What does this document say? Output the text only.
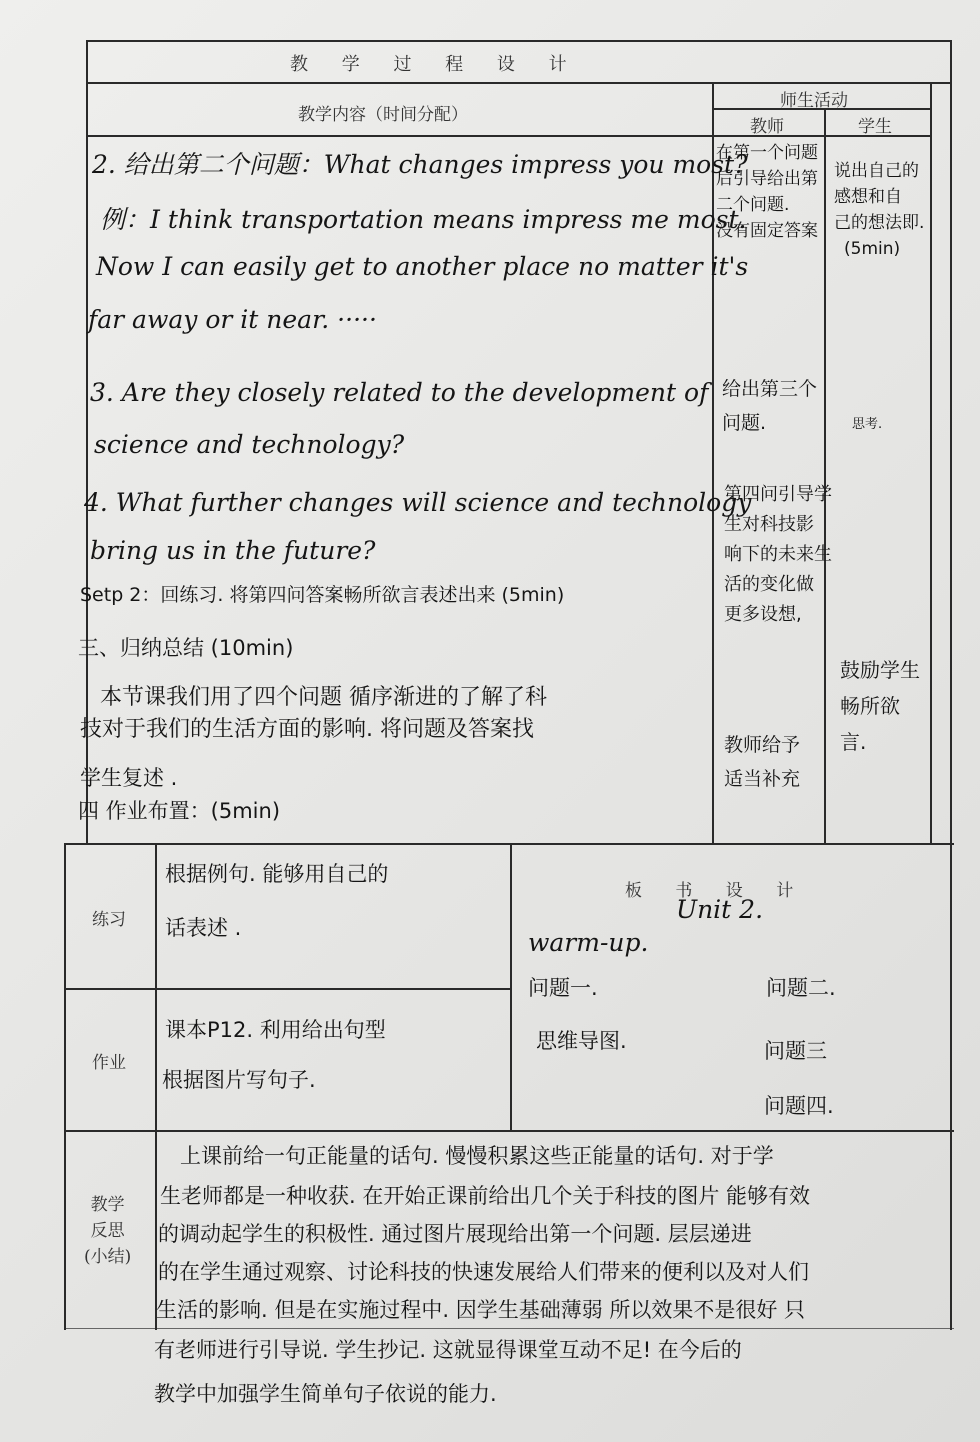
教 学 过 程 设 计
教学内容（时间分配）
师生活动
教师	学生
2. 给出第二个问题：What changes impress you most?
例：I think transportation means impress me most.
Now I can easily get to another place no matter it's
far away or it near. ·····
3. Are they closely related to the development of
science and technology?
4. What further changes will science and technology
bring us in the future?
Setp 2：回练习. 将第四问答案畅所欲言表述出来 (5min)
三、归纳总结 (10min)
本节课我们用了四个问题 循序渐进的了解了科
技对于我们的生活方面的影响. 将问题及答案找
学生复述 .
四 作业布置：(5min)
在第一个问题
后引导给出第
二个问题.
没有固定答案
给出第三个
问题.
第四问引导学
生对科技影
响下的未来生
活的变化做
更多设想,
教师给予
适当补充
说出自己的
感想和自
己的想法即.
(5min)
思考.
鼓励学生
畅所欲
言.
练习
根据例句. 能够用自己的
话表述 .
作业
课本P12. 利用给出句型
根据图片写句子.
板 书 设 计
Unit 2.
warm-up.
问题一.
思维导图.
问题二.
问题三
问题四.
教学
反思
(小结)
上课前给一句正能量的话句. 慢慢积累这些正能量的话句. 对于学
生老师都是一种收获. 在开始正课前给出几个关于科技的图片 能够有效
的调动起学生的积极性. 通过图片展现给出第一个问题. 层层递进
的在学生通过观察、讨论科技的快速发展给人们带来的便利以及对人们
生活的影响. 但是在实施过程中. 因学生基础薄弱 所以效果不是很好 只
有老师进行引导说. 学生抄记. 这就显得课堂互动不足! 在今后的
教学中加强学生简单句子依说的能力.
